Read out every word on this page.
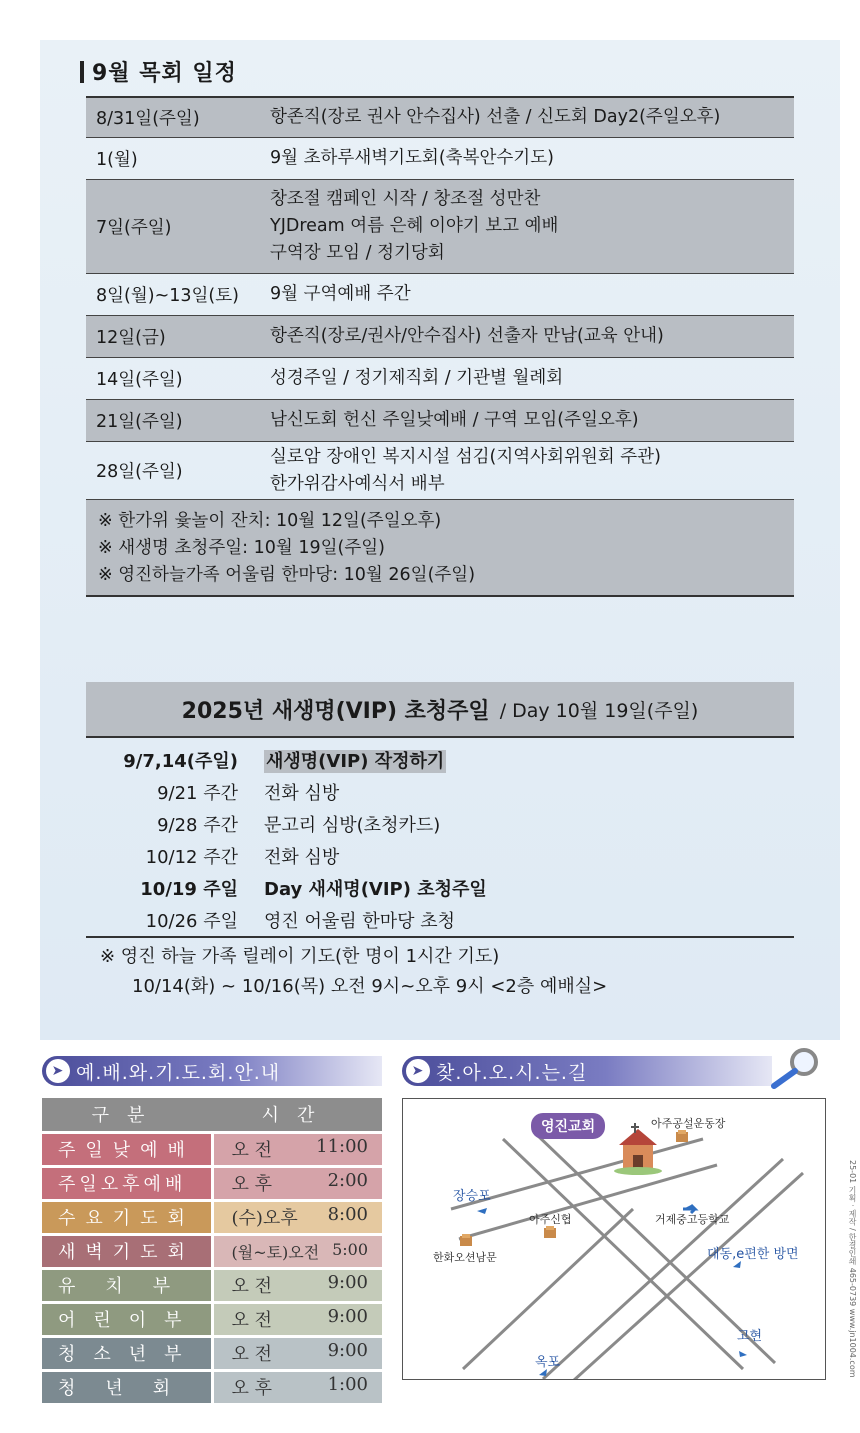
9월 목회 일정
8/31일(주일)	항존직(장로 권사 안수집사) 선출 / 신도회 Day2(주일오후)
1(월)	9월 초하루새벽기도회(축복안수기도)
7일(주일)
창조절 캠페인 시작 / 창조절 성만찬
YJDream 여름 은혜 이야기 보고 예배
구역장 모임 / 정기당회
8일(월)~13일(토)	9월 구역예배 주간
12일(금)	항존직(장로/권사/안수집사) 선출자 만남(교육 안내)
14일(주일)	성경주일 / 정기제직회 / 기관별 월례회
21일(주일)	남신도회 헌신 주일낮예배 / 구역 모임(주일오후)
28일(주일)
실로암 장애인 복지시설 섬김(지역사회위원회 주관)
한가위감사예식서 배부
※ 한가위 윷놀이 잔치: 10월 12일(주일오후)
※ 새생명 초청주일: 10월 19일(주일)
※ 영진하늘가족 어울림 한마당: 10월 26일(주일)
2025년 새생명(VIP) 초청주일 / Day 10월 19일(주일)
9/7,14(주일)	새생명(VIP) 작정하기
9/21 주간	전화 심방
9/28 주간	문고리 심방(초청카드)
10/12 주간	전화 심방
10/19 주일	Day 새새명(VIP) 초청주일
10/26 주일	영진 어울림 한마당 초청
※ 영진 하늘 가족 릴레이 기도(한 명이 1시간 기도)
10/14(화) ~ 10/16(목) 오전 9시~오후 9시 <2층 예배실>
➤ 예.배.와.기.도.회.안.내
구분	시간
주일낮예배	오 전 11:00

주일오후예배	오 후 2:00

수요기도회	(수)오후 8:00

새벽기도회	(월~토)오전 5:00

유치부	오 전 9:00

어린이부	오 전 9:00

청소년부	오 전 9:00

청년회	오 후 1:00
➤ 찾.아.오.시.는.길
영진교회	아주공설운동장
장승포
아주신협	거제중고등학교
한화오션남문	대동,e편한 방면
고현
옥포	25-01 기획 · 제작 / 한결인쇄 465-0739 www.jn1004.com
